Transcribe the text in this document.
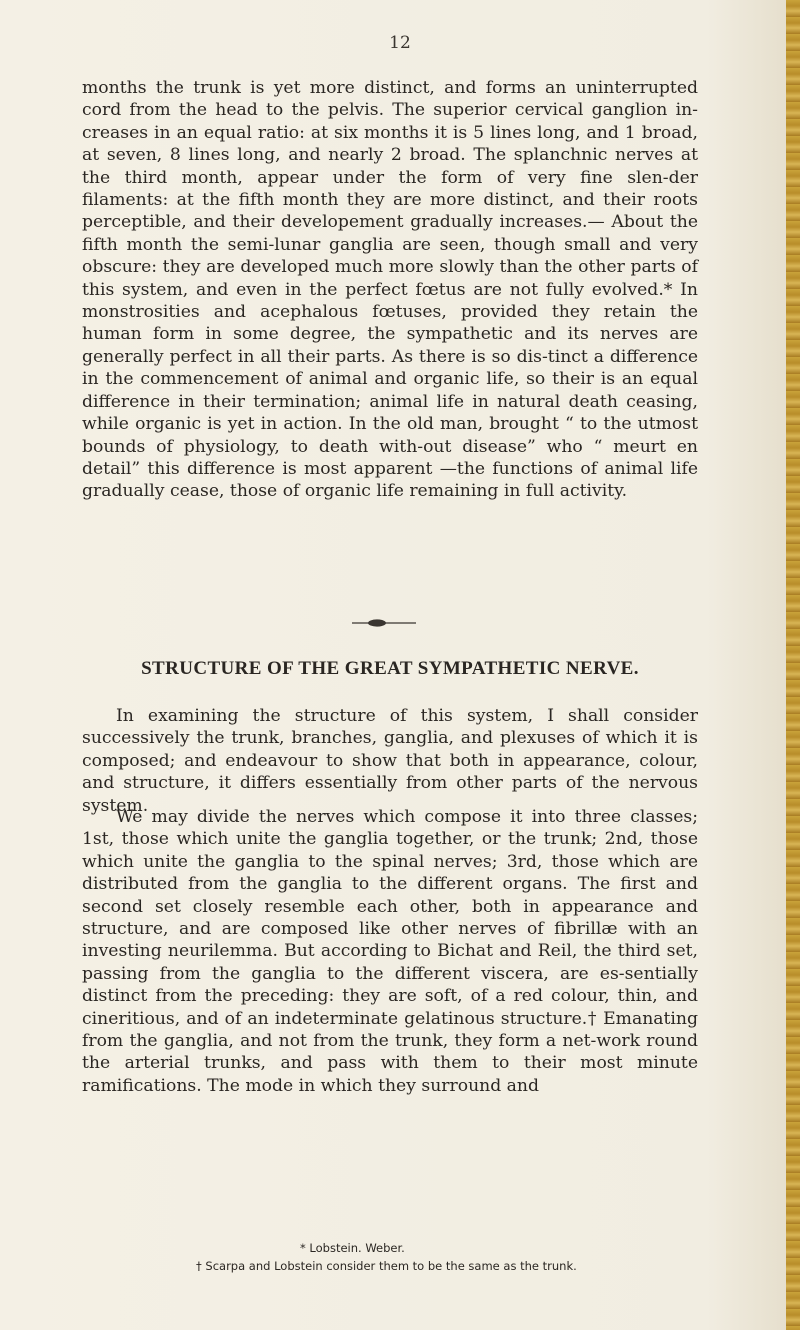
12

months the trunk is yet more distinct, and forms an uninterrupted cord from the head to the pelvis. The superior cervical ganglion in-creases in an equal ratio: at six months it is 5 lines long, and 1 broad, at seven, 8 lines long, and nearly 2 broad. The splanchnic nerves at the third month, appear under the form of very fine slen-der filaments: at the fifth month they are more distinct, and their roots perceptible, and their developement gradually increases.— About the fifth month the semi-lunar ganglia are seen, though small and very obscure: they are developed much more slowly than the other parts of this system, and even in the perfect fœtus are not fully evolved.* In monstrosities and acephalous fœtuses, provided they retain the human form in some degree, the sympathetic and its nerves are generally perfect in all their parts. As there is so dis-tinct a difference in the commencement of animal and organic life, so their is an equal difference in their termination; animal life in natural death ceasing, while organic is yet in action. In the old man, brought “ to the utmost bounds of physiology, to death with-out disease” who “ meurt en detail” this difference is most apparent —the functions of animal life gradually cease, those of organic life remaining in full activity.

STRUCTURE OF THE GREAT SYMPATHETIC NERVE.

In examining the structure of this system, I shall consider successively the trunk, branches, ganglia, and plexuses of which it is composed; and endeavour to show that both in appearance, colour, and structure, it differs essentially from other parts of the nervous system.

We may divide the nerves which compose it into three classes; 1st, those which unite the ganglia together, or the trunk; 2nd, those which unite the ganglia to the spinal nerves; 3rd, those which are distributed from the ganglia to the different organs. The first and second set closely resemble each other, both in appearance and structure, and are composed like other nerves of fibrillæ with an investing neurilemma. But according to Bichat and Reil, the third set, passing from the ganglia to the different viscera, are es-sentially distinct from the preceding: they are soft, of a red colour, thin, and cineritious, and of an indeterminate gelatinous structure.† Emanating from the ganglia, and not from the trunk, they form a net-work round the arterial trunks, and pass with them to their most minute ramifications. The mode in which they surround and

* Lobstein. Weber.

† Scarpa and Lobstein consider them to be the same as the trunk.
